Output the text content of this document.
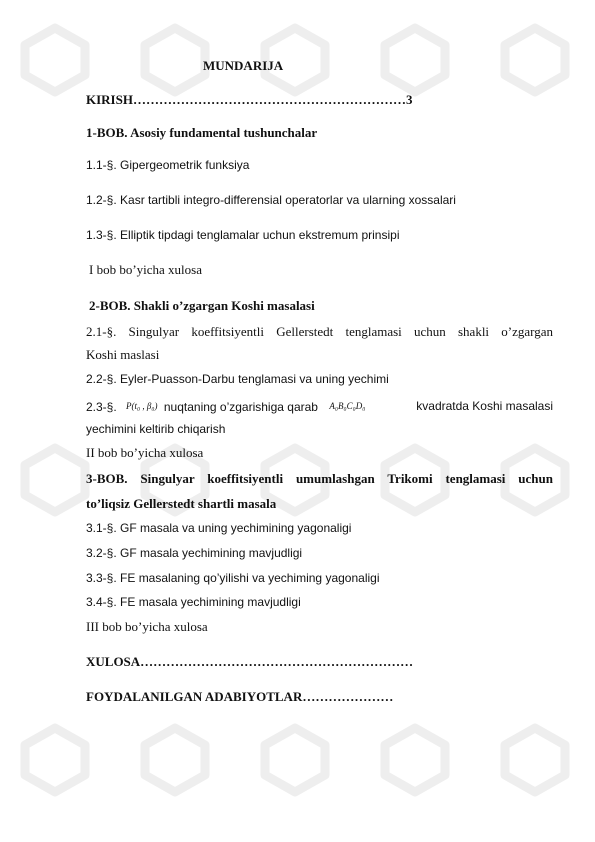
MUNDARIJA
KIRISH………………………………………………………3
1-BOB. Asosiy fundamental tushunchalar
1.1-§. Gipergeometrik funksiya
1.2-§. Kasr tartibli integro-differensial operatorlar va ularning xossalari
1.3-§. Elliptik tipdagi tenglamalar uchun ekstremum prinsipi
I bob bo’yicha xulosa
2-BOB. Shakli o’zgargan Koshi masalasi
2.1-§. Singulyar koeffitsiyentli Gellerstedt tenglamasi uchun shakli o’zgargan
Koshi maslasi
2.2-§. Eyler-Puasson-Darbu tenglamasi va uning yechimi
2.3-§. P(t₀ , β₀) nuqtaning o’zgarishiga qarab A₀B₀C₀D₀	kvadratda Koshi masalasi
yechimini keltirib chiqarish
II bob bo’yicha xulosa
3-BOB. Singulyar koeffitsiyentli umumlashgan Trikomi tenglamasi uchun
to’liqsiz Gellerstedt shartli masala
3.1-§. GF masala va uning yechimining yagonaligi
3.2-§. GF masala yechimining mavjudligi
3.3-§. FE masalaning qo’yilishi va yechiming yagonaligi
3.4-§. FE masala yechimining mavjudligi
III bob bo’yicha xulosa
XULOSA………………………………………………………
FOYDALANILGAN ADABIYOTLAR…………………
